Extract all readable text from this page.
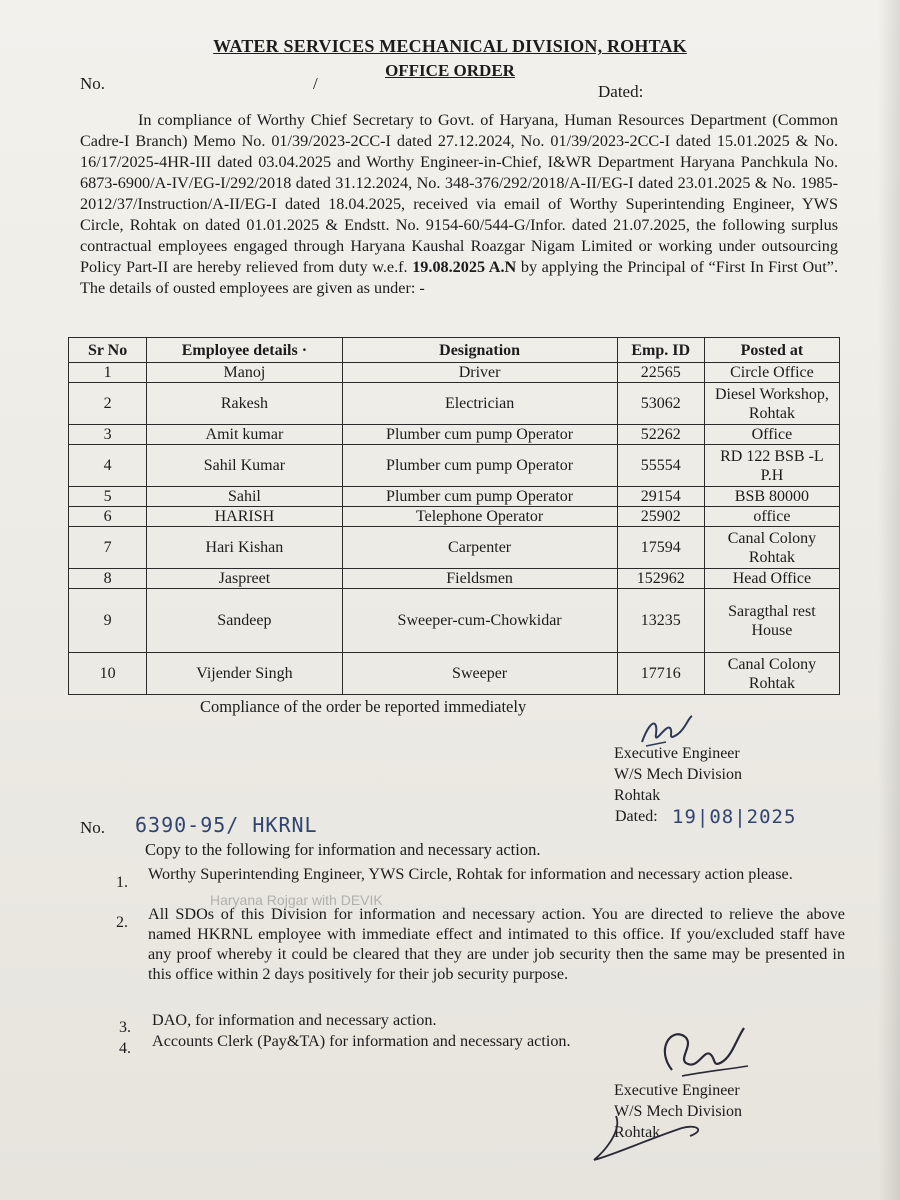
WATER SERVICES MECHANICAL DIVISION, ROHTAK
OFFICE ORDER
No.	/	Dated:
In compliance of Worthy Chief Secretary to Govt. of Haryana, Human Resources Department (Common Cadre-I Branch) Memo No. 01/39/2023-2CC-I dated 27.12.2024, No. 01/39/2023-2CC-I dated 15.01.2025 & No. 16/17/2025-4HR-III dated 03.04.2025 and Worthy Engineer-in-Chief, I&WR Department Haryana Panchkula No. 6873-6900/A-IV/EG-I/292/2018 dated 31.12.2024, No. 348-376/292/2018/A-II/EG-I dated 23.01.2025 & No. 1985-2012/37/Instruction/A-II/EG-I dated 18.04.2025, received via email of Worthy Superintending Engineer, YWS Circle, Rohtak on dated 01.01.2025 & Endstt. No. 9154-60/544-G/Infor. dated 21.07.2025, the following surplus contractual employees engaged through Haryana Kaushal Roazgar Nigam Limited or working under outsourcing Policy Part-II are hereby relieved from duty w.e.f. 19.08.2025 A.N by applying the Principal of “First In First Out”. The details of ousted employees are given as under: -
Sr No	Employee details ·	Designation	Emp. ID	Posted at
1	Manoj	Driver	22565	Circle Office
2	Rakesh	Electrician	53062	Diesel Workshop, Rohtak
3	Amit kumar	Plumber cum pump Operator	52262	Office
4	Sahil Kumar	Plumber cum pump Operator	55554	RD 122 BSB -L P.H
5	Sahil	Plumber cum pump Operator	29154	BSB 80000
6	HARISH	Telephone Operator	25902	office
7	Hari Kishan	Carpenter	17594	Canal Colony Rohtak
8	Jaspreet	Fieldsmen	152962	Head Office
9	Sandeep	Sweeper-cum-Chowkidar	13235	Saragthal rest House
10	Vijender Singh	Sweeper	17716	Canal Colony Rohtak
Compliance of the order be reported immediately
Executive Engineer
W/S Mech Division
Rohtak
No. 6390-95/ HKRNL	Dated: 19|08|2025
Copy to the following for information and necessary action.
1. Worthy Superintending Engineer, YWS Circle, Rohtak for information and necessary action please.
Haryana Rojgar with DEVIK
2. All SDOs of this Division for information and necessary action. You are directed to relieve the above named HKRNL employee with immediate effect and intimated to this office. If you/excluded staff have any proof whereby it could be cleared that they are under job security then the same may be presented in this office within 2 days positively for their job security purpose.
3. DAO, for information and necessary action.
4. Accounts Clerk (Pay&TA) for information and necessary action.
Executive Engineer
W/S Mech Division
Rohtak
